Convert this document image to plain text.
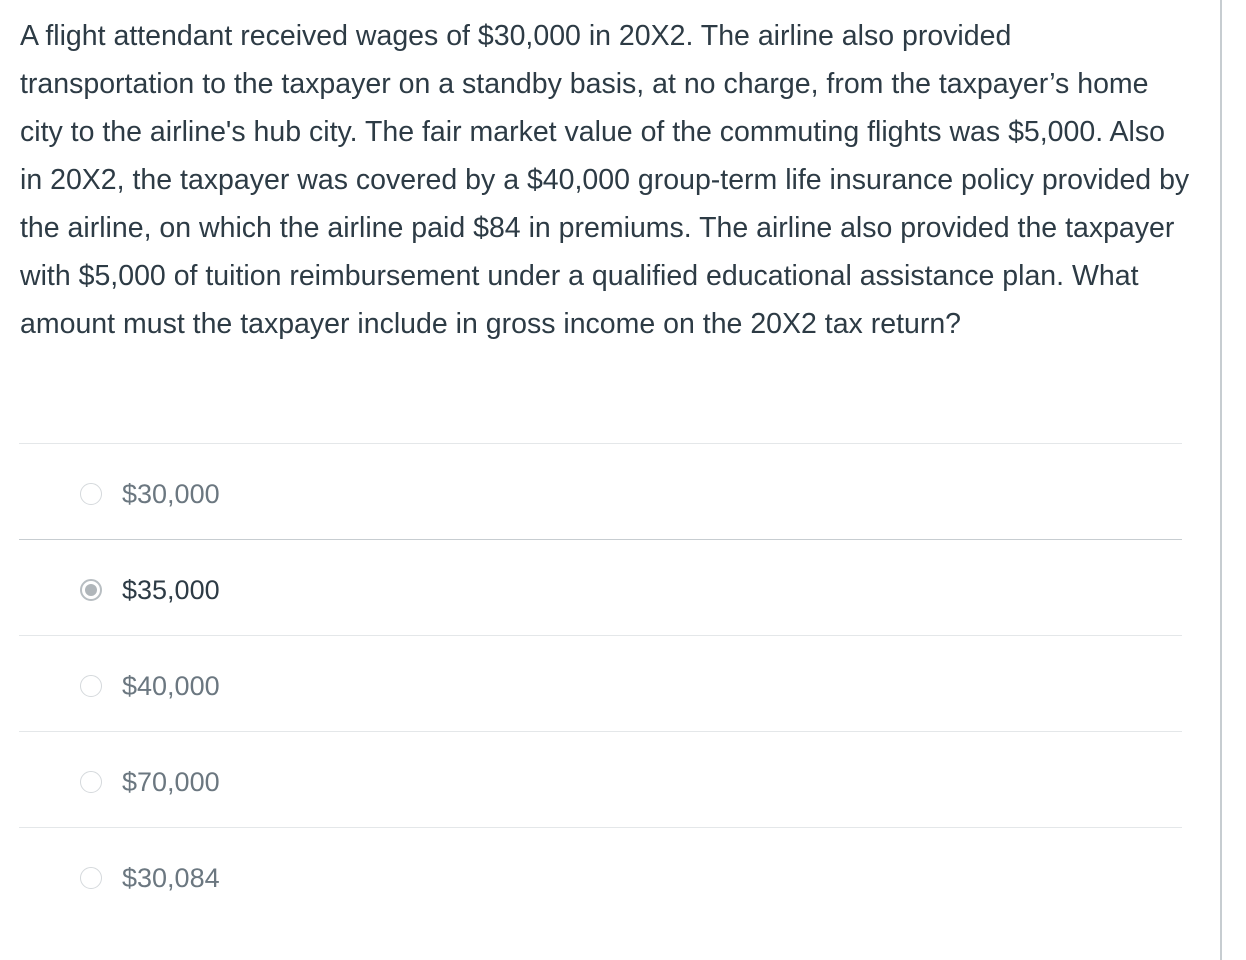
A flight attendant received wages of $30,000 in 20X2. The airline also provided transportation to the taxpayer on a standby basis, at no charge, from the taxpayer’s home city to the airline's hub city. The fair market value of the commuting flights was $5,000. Also in 20X2, the taxpayer was covered by a $40,000 group-term life insurance policy provided by the airline, on which the airline paid $84 in premiums. The airline also provided the taxpayer with $5,000 of tuition reimbursement under a qualified educational assistance plan. What amount must the taxpayer include in gross income on the 20X2 tax return?
$30,000
$35,000
$40,000
$70,000
$30,084
